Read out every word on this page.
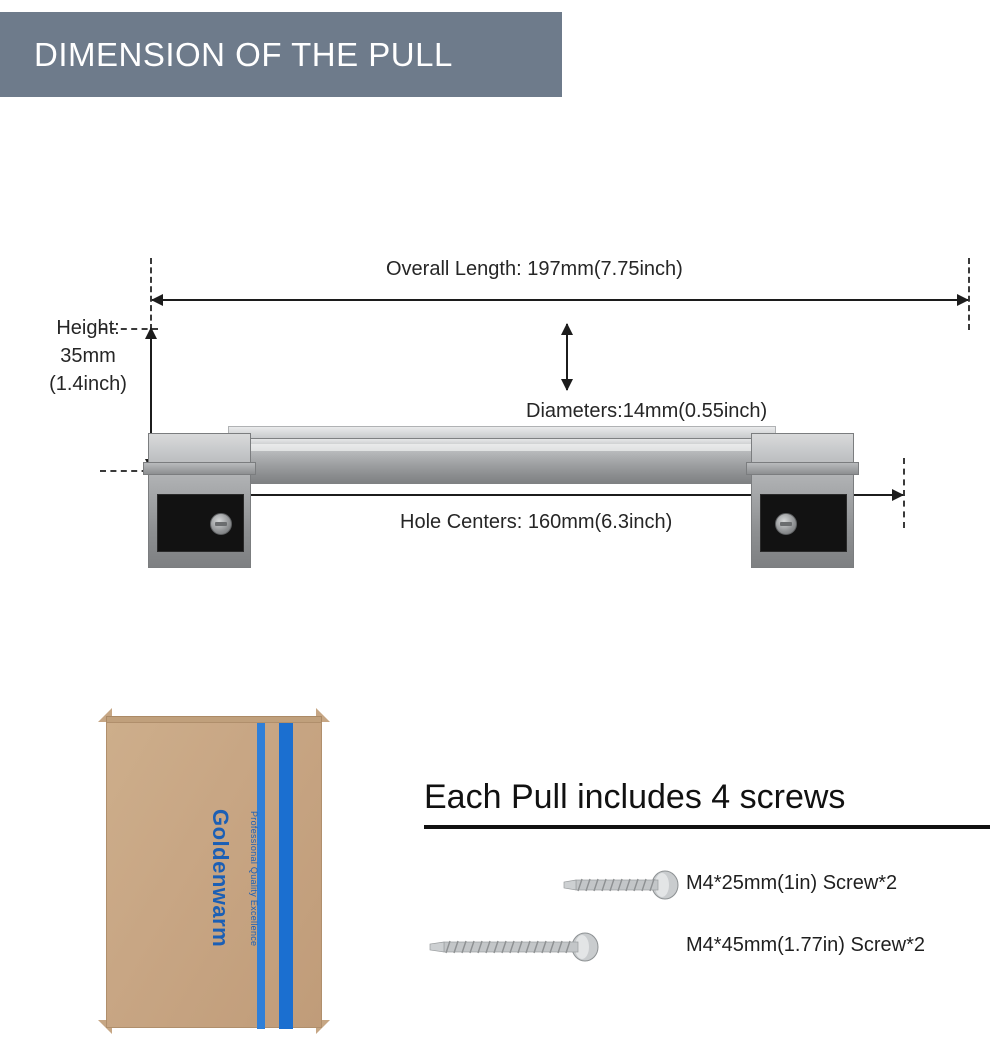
DIMENSION OF THE PULL
Overall Length: 197mm(7.75inch)
Height:
35mm
(1.4inch)
Diameters:14mm(0.55inch)
Hole Centers: 160mm(6.3inch)
Goldenwarm Professional Quality Excellence
Each Pull includes 4 screws
M4*25mm(1in) Screw*2
M4*45mm(1.77in) Screw*2
